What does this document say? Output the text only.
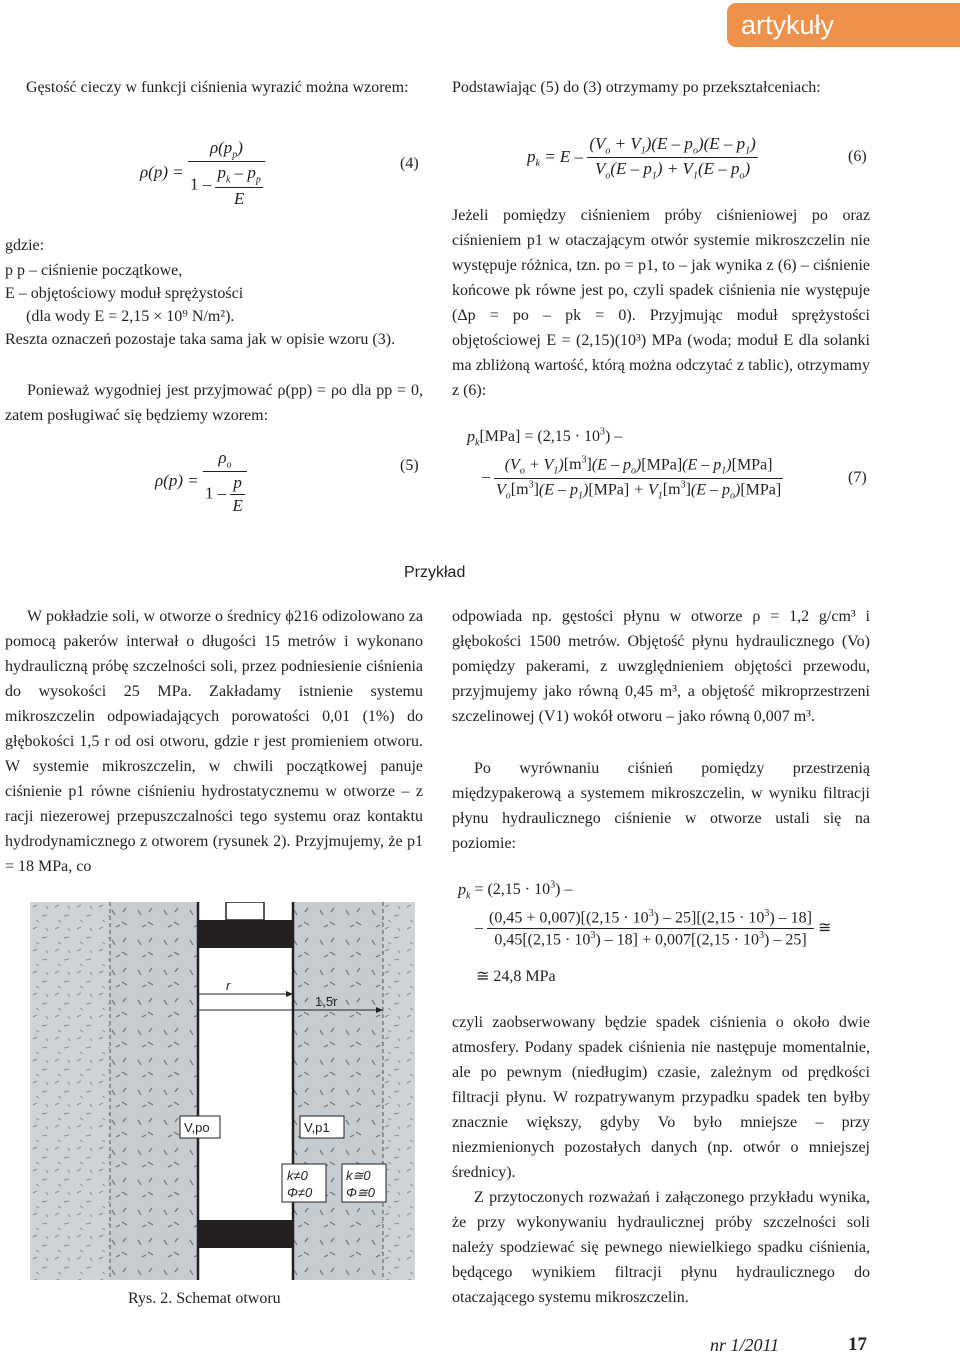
artykuły
Gęstość cieczy w funkcji ciśnienia wyrazić można wzorem:
$\rho(p) = \frac{\rho(p_p)}{1 - \frac{p_k - p_p}{E}}$	(4)
gdzie:
p p – ciśnienie początkowe,
E – objętościowy moduł sprężystości
(dla wody E = 2,15 × 10⁹ N/m²).
Reszta oznaczeń pozostaje taka sama jak w opisie wzoru (3).
Ponieważ wygodniej jest przyjmować ρ(pp) = ρo dla pp = 0, zatem posługiwać się będziemy wzorem:
$\rho(p) = \frac{\rho_o}{1 - \frac{p}{E}}$	(5)
Podstawiając (5) do (3) otrzymamy po przekształceniach:
$p_k = E - \frac{(V_o + V_1)(E - p_o)(E - p_1)}{V_o(E - p_1) + V_1(E - p_o)}$	(6)
Jeżeli pomiędzy ciśnieniem próby ciśnieniowej po oraz ciśnieniem p1 w otaczającym otwór systemie mikroszczelin nie występuje różnica, tzn. po = p1, to – jak wynika z (6) – ciśnienie końcowe pk równe jest po, czyli spadek ciśnienia nie występuje (Δp = po – pk = 0). Przyjmując moduł sprężystości objętościowej E = (2,15)(10³) MPa (woda; moduł E dla solanki ma zbliżoną wartość, którą można odczytać z tablic), otrzymamy z (6):
$p_k[MPa] = (2,15 \cdot 10^3)$ –
– $\frac{(V_o + V_1)[m^3](E - p_o)[MPa](E - p_1)[MPa]}{V_o[m^3](E - p_1)[MPa] + V_1[m^3](E - p_o)[MPa]}$	(7)
Przykład
W pokładzie soli, w otworze o średnicy ϕ216 odizolowano za pomocą pakerów interwał o długości 15 metrów i wykonano hydrauliczną próbę szczelności soli, przez podniesienie ciśnienia do wysokości 25 MPa. Zakładamy istnienie systemu mikroszczelin odpowiadających porowatości 0,01 (1%) do głębokości 1,5 r od osi otworu, gdzie r jest promieniem otworu. W systemie mikroszczelin, w chwili początkowej panuje ciśnienie p1 równe ciśnieniu hydrostatycznemu w otworze – z racji niezerowej przepuszczalności tego systemu oraz kontaktu hydrodynamicznego z otworem (rysunek 2). Przyjmujemy, że p1 = 18 MPa, co
r
1,5r
V,po	V,p1
k≠0
Φ≠0
k≅0
Φ≅0
Rys. 2. Schemat otworu
odpowiada np. gęstości płynu w otworze ρ = 1,2 g/cm³ i głębokości 1500 metrów. Objętość płynu hydraulicznego (Vo) pomiędzy pakerami, z uwzględnieniem objętości przewodu, przyjmujemy jako równą 0,45 m³, a objętość mikroprzestrzeni szczelinowej (V1) wokół otworu – jako równą 0,007 m³.
Po wyrównaniu ciśnień pomiędzy przestrzenią międzypakerową a systemem mikroszczelin, w wyniku filtracji płynu hydraulicznego ciśnienie w otworze ustali się na poziomie:
$p_k = (2,15 \cdot 10^3)$ –
– $\frac{(0,45 + 0,007)[(2,15 \cdot 10^3) - 25][(2,15 \cdot 10^3) - 18]}{0,45[(2,15 \cdot 10^3) - 18] + 0,007[(2,15 \cdot 10^3) - 25]}$ ≅
≅ 24,8 MPa
czyli zaobserwowany będzie spadek ciśnienia o około dwie atmosfery. Podany spadek ciśnienia nie następuje momentalnie, ale po pewnym (niedługim) czasie, zależnym od prędkości filtracji płynu. W rozpatrywanym przypadku spadek ten byłby znacznie większy, gdyby Vo było mniejsze – przy niezmienionych pozostałych danych (np. otwór o mniejszej średnicy).
Z przytoczonych rozważań i załączonego przykładu wynika, że przy wykonywaniu hydraulicznej próby szczelności soli należy spodziewać się pewnego niewielkiego spadku ciśnienia, będącego wynikiem filtracji płynu hydraulicznego do otaczającego systemu mikroszczelin.
nr 1/2011	17
